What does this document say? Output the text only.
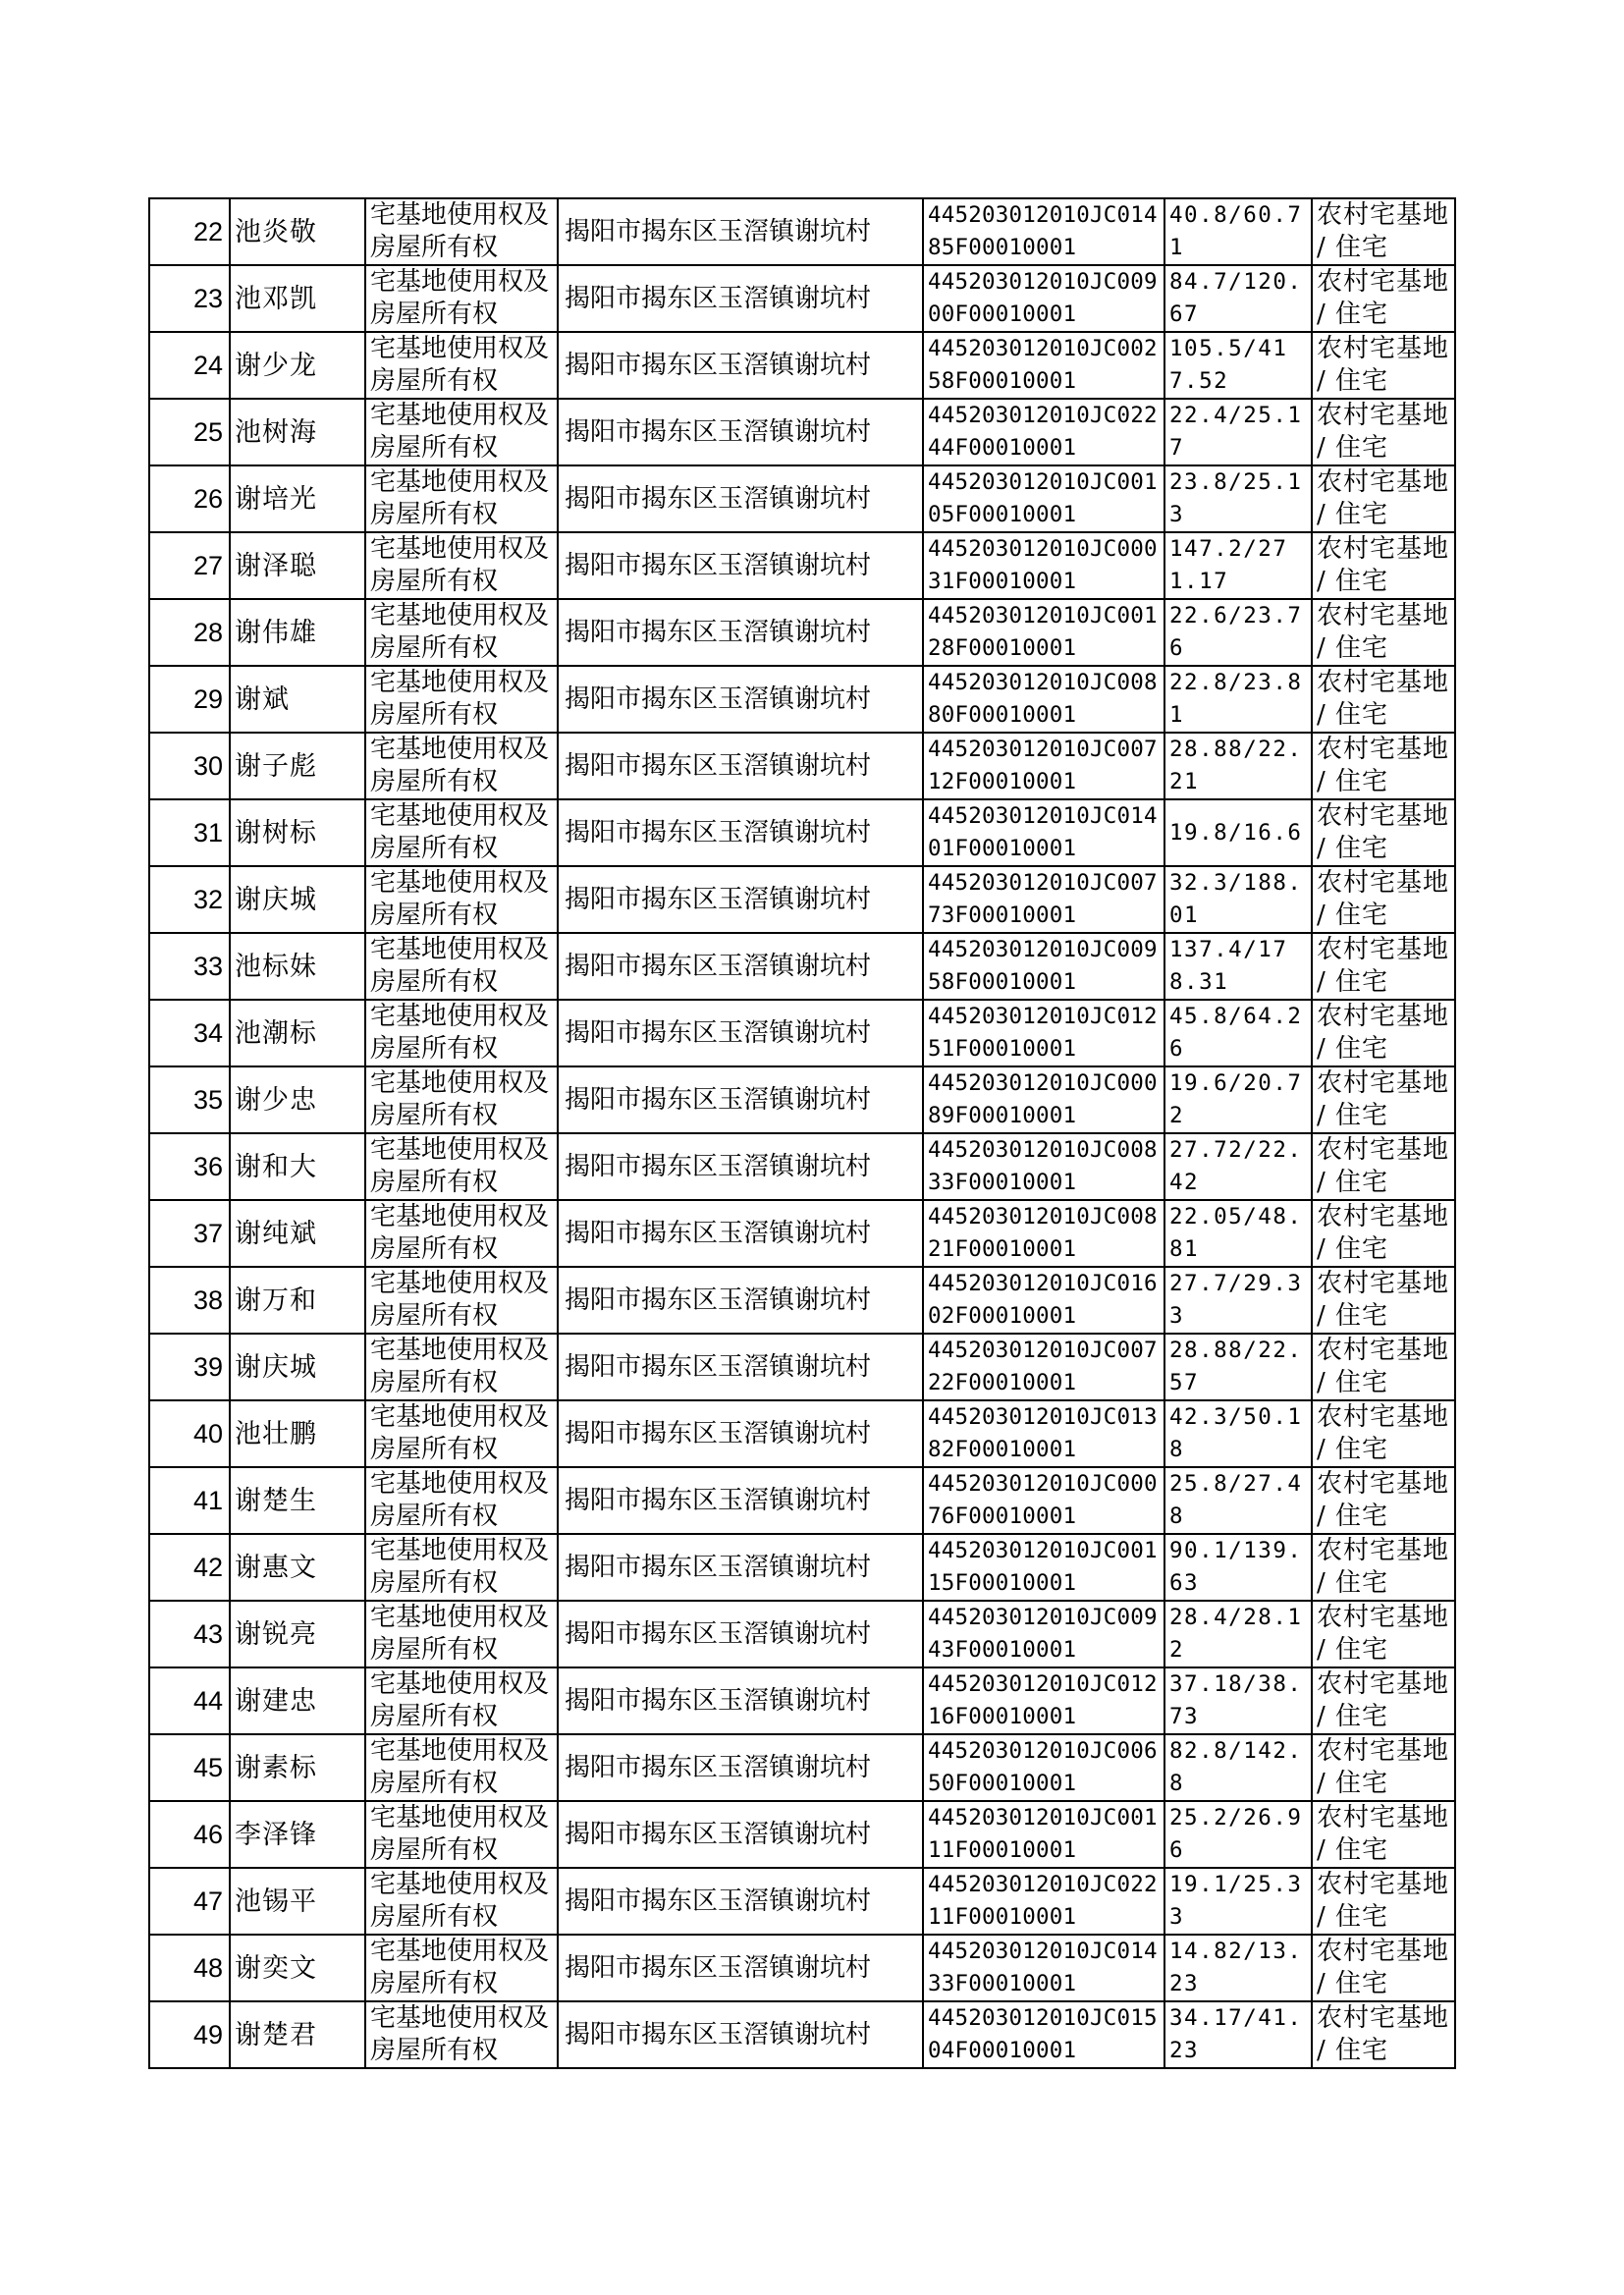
22	池炎敬	宅基地使用权及房屋所有权	揭阳市揭东区玉滘镇谢坑村	445203012010JC01485F00010001	40.8/60.71	农村宅基地 / 住宅
23	池邓凯	宅基地使用权及房屋所有权	揭阳市揭东区玉滘镇谢坑村	445203012010JC00900F00010001	84.7/120.67	农村宅基地 / 住宅
24	谢少龙	宅基地使用权及房屋所有权	揭阳市揭东区玉滘镇谢坑村	445203012010JC00258F00010001	105.5/417.52	农村宅基地 / 住宅
25	池树海	宅基地使用权及房屋所有权	揭阳市揭东区玉滘镇谢坑村	445203012010JC02244F00010001	22.4/25.17	农村宅基地 / 住宅
26	谢培光	宅基地使用权及房屋所有权	揭阳市揭东区玉滘镇谢坑村	445203012010JC00105F00010001	23.8/25.13	农村宅基地 / 住宅
27	谢泽聪	宅基地使用权及房屋所有权	揭阳市揭东区玉滘镇谢坑村	445203012010JC00031F00010001	147.2/271.17	农村宅基地 / 住宅
28	谢伟雄	宅基地使用权及房屋所有权	揭阳市揭东区玉滘镇谢坑村	445203012010JC00128F00010001	22.6/23.76	农村宅基地 / 住宅
29	谢斌	宅基地使用权及房屋所有权	揭阳市揭东区玉滘镇谢坑村	445203012010JC00880F00010001	22.8/23.81	农村宅基地 / 住宅
30	谢子彪	宅基地使用权及房屋所有权	揭阳市揭东区玉滘镇谢坑村	445203012010JC00712F00010001	28.88/22.21	农村宅基地 / 住宅
31	谢树标	宅基地使用权及房屋所有权	揭阳市揭东区玉滘镇谢坑村	445203012010JC01401F00010001	19.8/16.6	农村宅基地 / 住宅
32	谢庆城	宅基地使用权及房屋所有权	揭阳市揭东区玉滘镇谢坑村	445203012010JC00773F00010001	32.3/188.01	农村宅基地 / 住宅
33	池标妹	宅基地使用权及房屋所有权	揭阳市揭东区玉滘镇谢坑村	445203012010JC00958F00010001	137.4/178.31	农村宅基地 / 住宅
34	池潮标	宅基地使用权及房屋所有权	揭阳市揭东区玉滘镇谢坑村	445203012010JC01251F00010001	45.8/64.26	农村宅基地 / 住宅
35	谢少忠	宅基地使用权及房屋所有权	揭阳市揭东区玉滘镇谢坑村	445203012010JC00089F00010001	19.6/20.72	农村宅基地 / 住宅
36	谢和大	宅基地使用权及房屋所有权	揭阳市揭东区玉滘镇谢坑村	445203012010JC00833F00010001	27.72/22.42	农村宅基地 / 住宅
37	谢纯斌	宅基地使用权及房屋所有权	揭阳市揭东区玉滘镇谢坑村	445203012010JC00821F00010001	22.05/48.81	农村宅基地 / 住宅
38	谢万和	宅基地使用权及房屋所有权	揭阳市揭东区玉滘镇谢坑村	445203012010JC01602F00010001	27.7/29.33	农村宅基地 / 住宅
39	谢庆城	宅基地使用权及房屋所有权	揭阳市揭东区玉滘镇谢坑村	445203012010JC00722F00010001	28.88/22.57	农村宅基地 / 住宅
40	池壮鹏	宅基地使用权及房屋所有权	揭阳市揭东区玉滘镇谢坑村	445203012010JC01382F00010001	42.3/50.18	农村宅基地 / 住宅
41	谢楚生	宅基地使用权及房屋所有权	揭阳市揭东区玉滘镇谢坑村	445203012010JC00076F00010001	25.8/27.48	农村宅基地 / 住宅
42	谢惠文	宅基地使用权及房屋所有权	揭阳市揭东区玉滘镇谢坑村	445203012010JC00115F00010001	90.1/139.63	农村宅基地 / 住宅
43	谢锐亮	宅基地使用权及房屋所有权	揭阳市揭东区玉滘镇谢坑村	445203012010JC00943F00010001	28.4/28.12	农村宅基地 / 住宅
44	谢建忠	宅基地使用权及房屋所有权	揭阳市揭东区玉滘镇谢坑村	445203012010JC01216F00010001	37.18/38.73	农村宅基地 / 住宅
45	谢素标	宅基地使用权及房屋所有权	揭阳市揭东区玉滘镇谢坑村	445203012010JC00650F00010001	82.8/142.8	农村宅基地 / 住宅
46	李泽锋	宅基地使用权及房屋所有权	揭阳市揭东区玉滘镇谢坑村	445203012010JC00111F00010001	25.2/26.96	农村宅基地 / 住宅
47	池锡平	宅基地使用权及房屋所有权	揭阳市揭东区玉滘镇谢坑村	445203012010JC02211F00010001	19.1/25.33	农村宅基地 / 住宅
48	谢奕文	宅基地使用权及房屋所有权	揭阳市揭东区玉滘镇谢坑村	445203012010JC01433F00010001	14.82/13.23	农村宅基地 / 住宅
49	谢楚君	宅基地使用权及房屋所有权	揭阳市揭东区玉滘镇谢坑村	445203012010JC01504F00010001	34.17/41.23	农村宅基地 / 住宅
